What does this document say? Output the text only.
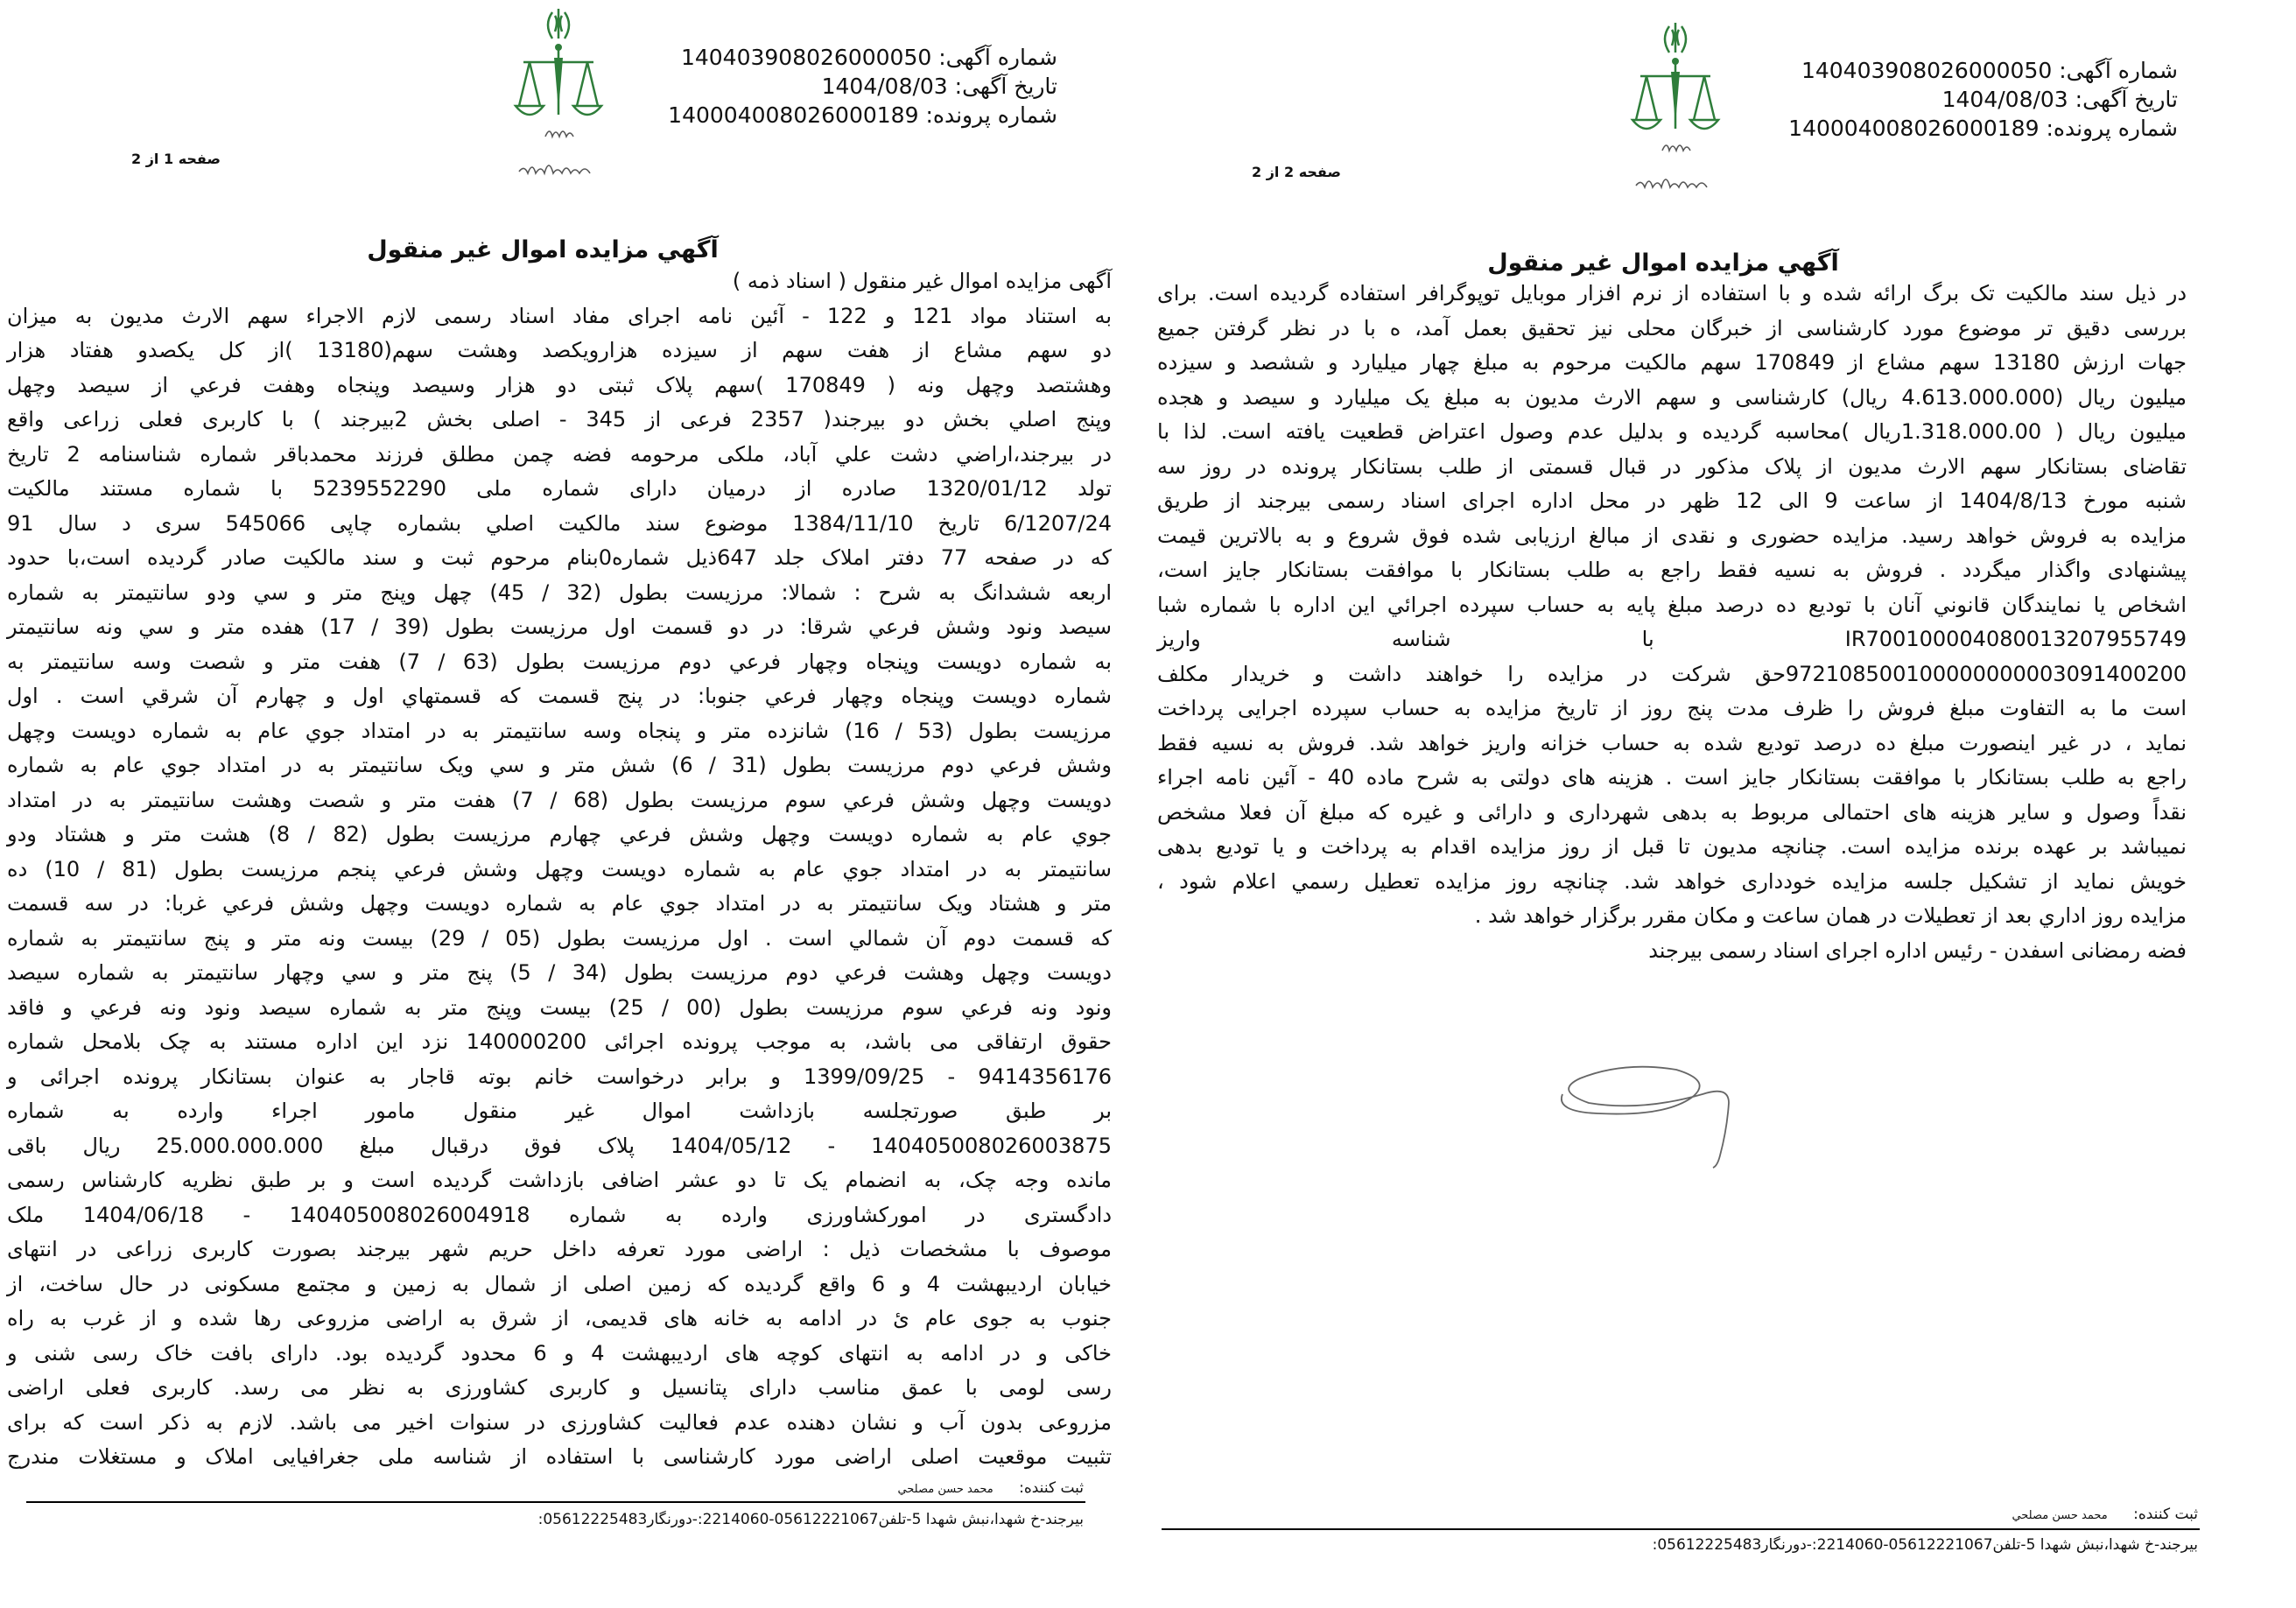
شماره آگهی: 140403908026000050
تاریخ آگهی: 1404/08/03
شماره پرونده: 140004008026000189
صفحه 1 از 2
آگهي مزايده اموال غير منقول
آگهی مزایده اموال غیر منقول ( اسناد ذمه )
به استناد مواد 121 و 122 - آئین نامه اجرای مفاد اسناد رسمی لازم الاجراء سهم الارث مدیون به میزان
دو سهم مشاع از هفت سهم از سیزده هزارویکصد وهشت سهم(13180 )از کل یکصدو هفتاد هزار
وهشتصد وچهل ونه ( 170849 )سهم پلاک ثبتی دو هزار وسیصد وپنجاه وهفت فرعي از سیصد وچهل
وپنج اصلي بخش دو بیرجند( 2357 فرعی از 345 - اصلی بخش 2بیرجند ) با کاربری فعلی زراعی واقع
در بیرجند،اراضي دشت علي آباد، ملکی مرحومه فضه چمن مطلق فرزند محمدباقر شماره شناسنامه 2 تاریخ
تولد 1320/01/12 صادره از درمیان دارای شماره ملی 5239552290 با شماره مستند مالکیت
6/1207/24 تاریخ 1384/11/10 موضوع سند مالکیت اصلي بشماره چاپی 545066 سری د سال 91
که در صفحه 77 دفتر املاک جلد 647ذیل شماره0بنام مرحوم ثبت و سند مالکیت صادر گردیده است،با حدود
اربعه ششدانگ به شرح : شمالا: مرزیست بطول (32 / 45) چهل وپنج متر و سي ودو سانتیمتر به شماره
سیصد ونود وشش فرعي شرقا: در دو قسمت اول مرزیست بطول (39 / 17) هفده متر و سي ونه سانتیمتر
به شماره دویست وپنجاه وچهار فرعي دوم مرزیست بطول (63 / 7) هفت متر و شصت وسه سانتیمتر به
شماره دویست وپنجاه وچهار فرعي جنوبا: در پنج قسمت که قسمتهاي اول و چهارم آن شرقي است . اول
مرزیست بطول (53 / 16) شانزده متر و پنجاه وسه سانتیمتر به در امتداد جوي عام به شماره دویست وچهل
وشش فرعي دوم مرزیست بطول (31 / 6) شش متر و سي ویک سانتیمتر به در امتداد جوي عام به شماره
دویست وچهل وشش فرعي سوم مرزیست بطول (68 / 7) هفت متر و شصت وهشت سانتیمتر به در امتداد
جوي عام به شماره دویست وچهل وشش فرعي چهارم مرزیست بطول (82 / 8) هشت متر و هشتاد ودو
سانتیمتر به در امتداد جوي عام به شماره دویست وچهل وشش فرعي پنجم مرزیست بطول (81 / 10) ده
متر و هشتاد ویک سانتیمتر به در امتداد جوي عام به شماره دویست وچهل وشش فرعي غربا: در سه قسمت
که قسمت دوم آن شمالي است . اول مرزیست بطول (05 / 29) بیست ونه متر و پنج سانتیمتر به شماره
دویست وچهل وهشت فرعي دوم مرزیست بطول (34 / 5) پنج متر و سي وچهار سانتیمتر به شماره سیصد
ونود ونه فرعي سوم مرزیست بطول (00 / 25) بیست وپنج متر به شماره سیصد ونود ونه فرعي و فاقد
حقوق ارتفاقی می باشد، به موجب پرونده اجرائی 140000200 نزد این اداره مستند به چک بلامحل شماره
9414356176 - 1399/09/25 و برابر درخواست خانم بوته قاجار به عنوان بستانکار پرونده اجرائی و
بر طبق صورتجلسه بازداشت اموال غیر منقول مامور اجراء وارده به شماره
140405008026003875 - 1404/05/12 پلاک فوق درقبال مبلغ 25.000.000.000 ریال باقی
مانده وجه چک، به انضمام یک تا دو عشر اضافی بازداشت گردیده است و بر طبق نظریه کارشناس رسمی
دادگستری در امورکشاورزی وارده به شماره 140405008026004918 - 1404/06/18 ملک
موصوف با مشخصات ذیل : اراضی مورد تعرفه داخل حریم شهر بیرجند بصورت کاربری زراعی در انتهای
خیابان اردیبهشت 4 و 6 واقع گردیده که زمین اصلی از شمال به زمین و مجتمع مسکونی در حال ساخت، از
جنوب به جوی عام ئ در ادامه به خانه های قدیمی، از شرق به اراضی مزروعی رها شده و از غرب به راه
خاکی و در ادامه به انتهای کوچه های اردیبهشت 4 و 6 محدود گردیده بود. دارای بافت خاک رسی شنی و
رسی لومی با عمق مناسب دارای پتانسیل و کاربری کشاورزی به نظر می رسد. کاربری فعلی اراضی
مزروعی بدون آب و نشان دهنده عدم فعالیت کشاورزی در سنوات اخیر می باشد. لازم به ذکر است که برای
تثبیت موقعیت اصلی اراضی مورد کارشناسی با استفاده از شناسه ملی جغرافیایی املاک و مستغلات مندرج
ثبت کننده: محمد حسن مصلحي
بیرجند-خ شهدا،نبش شهدا 5-تلفن05612221067-2214060:-دورنگار05612225483:
شماره آگهی: 140403908026000050
تاریخ آگهی: 1404/08/03
شماره پرونده: 140004008026000189
صفحه 2 از 2
آگهي مزايده اموال غير منقول
در ذیل سند مالکیت تک برگ ارائه شده و با استفاده از نرم افزار موبایل توپوگرافر استفاده گردیده است. برای
بررسی دقیق تر موضوع مورد کارشناسی از خبرگان محلی نیز تحقیق بعمل آمد، ه با در نظر گرفتن جمیع
جهات ارزش 13180 سهم مشاع از 170849 سهم مالکیت مرحوم به مبلغ چهار میلیارد و ششصد و سیزده
میلیون ریال (4.613.000.000 ریال) کارشناسی و سهم الارث مدیون به مبلغ یک میلیارد و سیصد و هجده
میلیون ریال ( 1.318.000.00ریال )محاسبه گردیده و بدلیل عدم وصول اعتراض قطعیت یافته است. لذا با
تقاضای بستانکار سهم الارث مدیون از پلاک مذکور در قبال قسمتی از طلب بستانکار پرونده در روز سه
شنبه مورخ 1404/8/13 از ساعت 9 الی 12 ظهر در محل اداره اجرای اسناد رسمی بیرجند از طریق
مزایده به فروش خواهد رسید. مزایده حضوری و نقدی از مبالغ ارزیابی شده فوق شروع و به بالاترین قیمت
پیشنهادی واگذار میگردد . فروش به نسیه فقط راجع به طلب بستانکار با موافقت بستانکار جایز است،
اشخاص یا نمایندگان قانوني آنان با تودیع ده درصد مبلغ پایه به حساب سپرده اجرائي این اداره با شماره شبا
IR700100004080013207955749 با شناسه واریز
972108500100000000003091400200حق شرکت در مزایده را خواهند داشت و خریدار مکلف
است ما به التفاوت مبلغ فروش را ظرف مدت پنج روز از تاریخ مزایده به حساب سپرده اجرایی پرداخت
نماید ، در غیر اینصورت مبلغ ده درصد تودیع شده به حساب خزانه واریز خواهد شد. فروش به نسیه فقط
راجع به طلب بستانکار با موافقت بستانکار جایز است . هزینه های دولتی به شرح ماده 40 - آئین نامه اجراء
نقداً وصول و سایر هزینه های احتمالی مربوط به بدهی شهرداری و دارائی و غیره که مبلغ آن فعلا مشخص
نمیباشد بر عهده برنده مزایده است. چنانچه مدیون تا قبل از روز مزایده اقدام به پرداخت و یا تودیع بدهی
خویش نماید از تشکیل جلسه مزایده خودداری خواهد شد. چنانچه روز مزایده تعطیل رسمي اعلام شود ،
مزایده روز اداري بعد از تعطیلات در همان ساعت و مکان مقرر برگزار خواهد شد .
فضه رمضانی اسفدن - رئیس اداره اجرای اسناد رسمی بیرجند
ثبت کننده: محمد حسن مصلحي
بیرجند-خ شهدا،نبش شهدا 5-تلفن05612221067-2214060:-دورنگار05612225483:
